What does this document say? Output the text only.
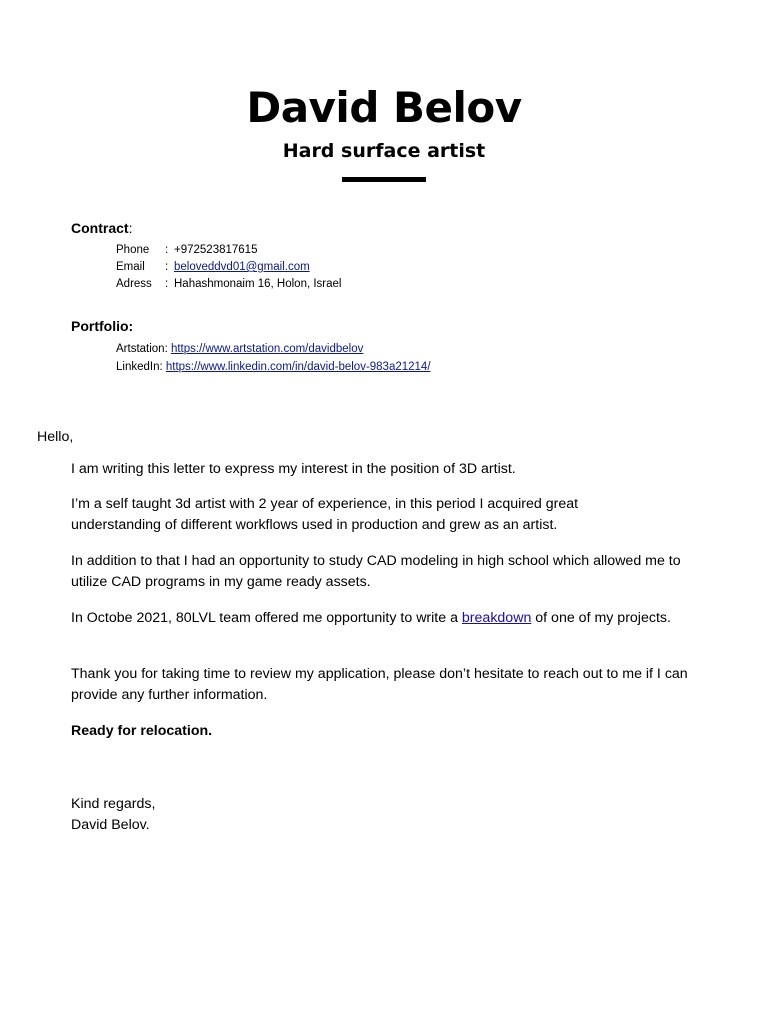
David Belov
Hard surface artist
Contract:
Phone	: +972523817615
Email	: beloveddvd01@gmail.com
Adress	: Hahashmonaim 16, Holon, Israel
Portfolio:
Artstation: https://www.artstation.com/davidbelov
LinkedIn: https://www.linkedin.com/in/david-belov-983a21214/
Hello,
I am writing this letter to express my interest in the position of 3D artist.
I’m a self taught 3d artist with 2 year of experience, in this period I acquired great understanding of different workflows used in production and grew as an artist.
In addition to that I had an opportunity to study CAD modeling in high school which allowed me to utilize CAD programs in my game ready assets.
In Octobe 2021, 80LVL team offered me opportunity to write a breakdown of one of my projects.
Thank you for taking time to review my application, please don’t hesitate to reach out to me if I can provide any further information.
Ready for relocation.
Kind regards,
David Belov.
